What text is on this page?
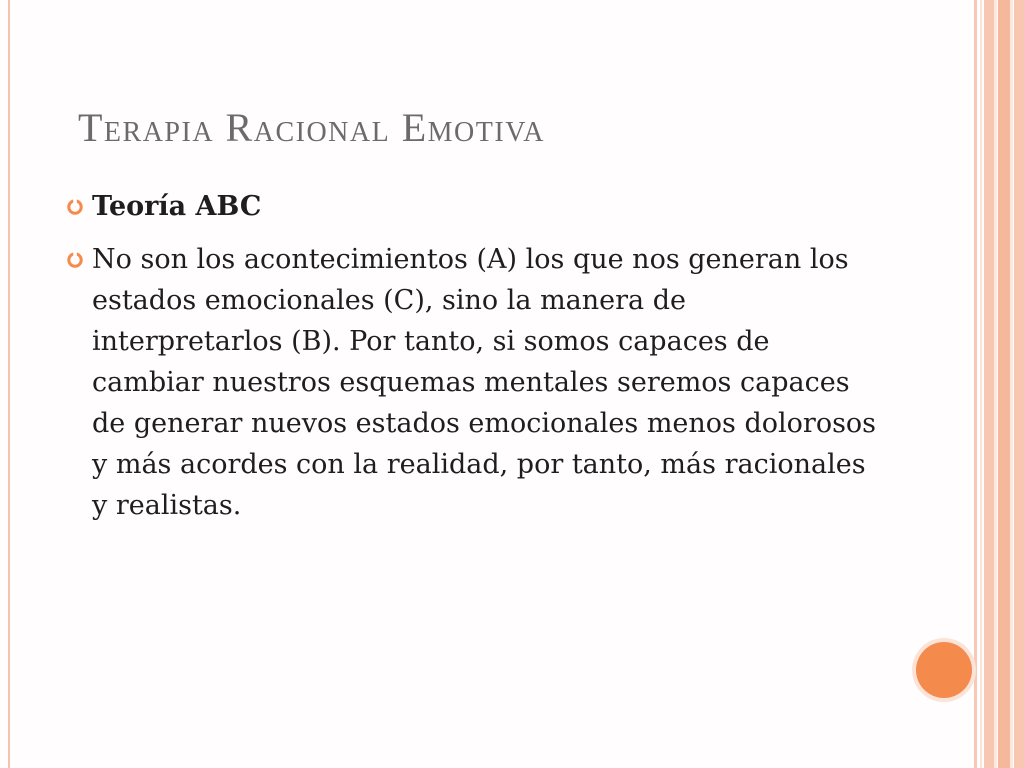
Terapia Racional Emotiva
Teoría ABC
No son los acontecimientos (A) los que nos generan los estados emocionales (C), sino la manera de interpretarlos (B). Por tanto, si somos capaces de cambiar nuestros esquemas mentales seremos capaces de generar nuevos estados emocionales menos dolorosos y más acordes con la realidad, por tanto, más racionales y realistas.
